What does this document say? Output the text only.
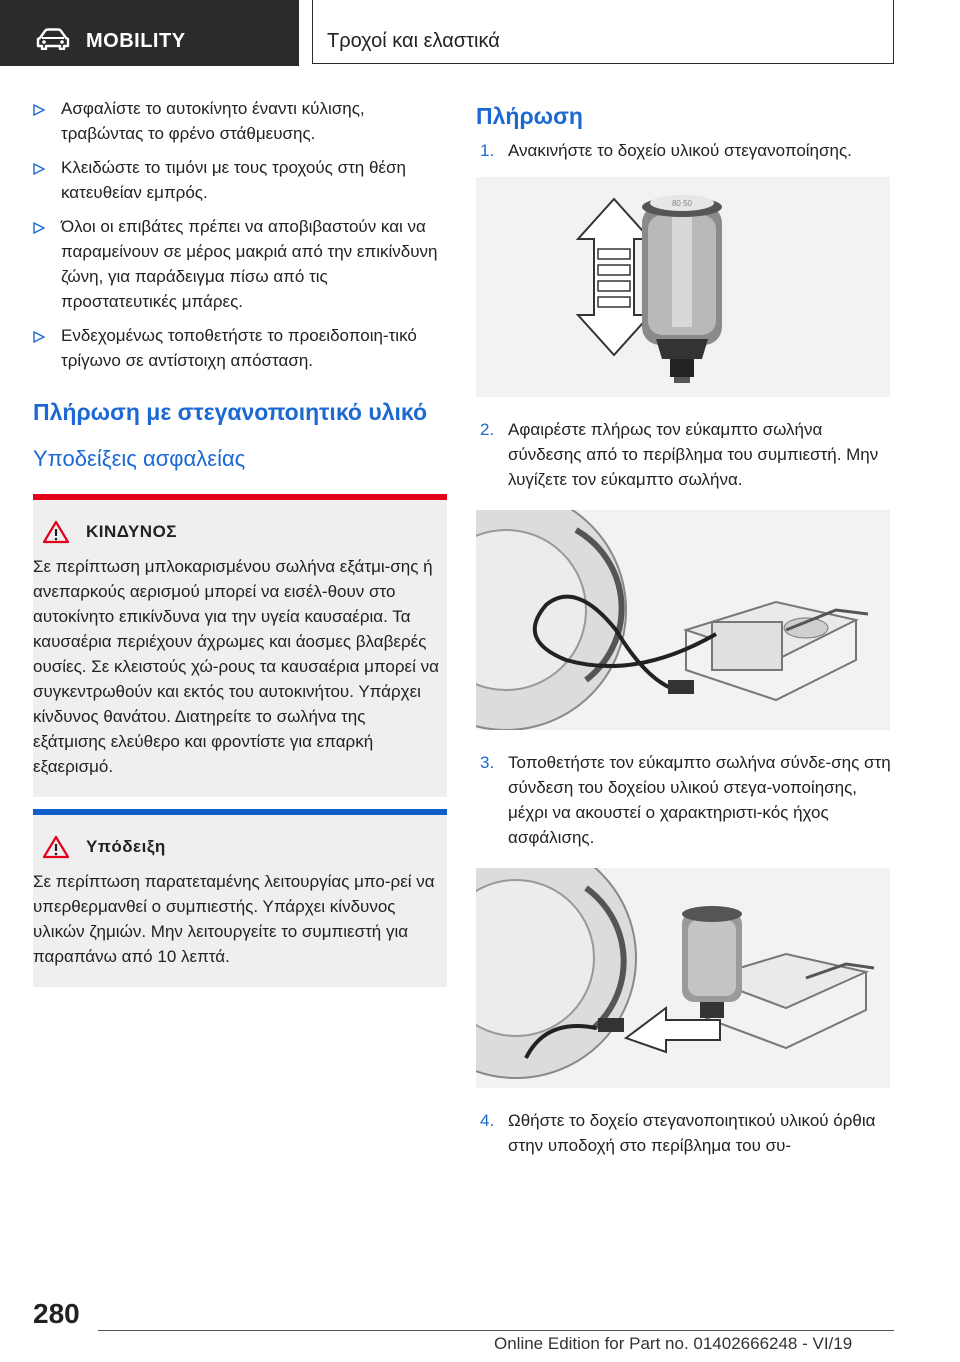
MOBILITY	Τροχοί και ελαστικά
Ασφαλίστε το αυτοκίνητο έναντι κύλισης, τραβώντας το φρένο στάθμευσης.
Κλειδώστε το τιμόνι με τους τροχούς στη θέση κατευθείαν εμπρός.
Όλοι οι επιβάτες πρέπει να αποβιβαστούν και να παραμείνουν σε μέρος μακριά από την επικίνδυνη ζώνη, για παράδειγμα πίσω από τις προστατευτικές μπάρες.
Ενδεχομένως τοποθετήστε το προειδοποιη-τικό τρίγωνο σε αντίστοιχη απόσταση.
Πλήρωση με στεγανοποιητικό υλικό
Υποδείξεις ασφαλείας
ΚΙΝΔΥΝΟΣ
Σε περίπτωση μπλοκαρισμένου σωλήνα εξάτμι-σης ή ανεπαρκούς αερισμού μπορεί να εισέλ-θουν στο αυτοκίνητο επικίνδυνα για την υγεία καυσαέρια. Τα καυσαέρια περιέχουν άχρωμες και άοσμες βλαβερές ουσίες. Σε κλειστούς χώ-ρους τα καυσαέρια μπορεί να συγκεντρωθούν και εκτός του αυτοκινήτου. Υπάρχει κίνδυνος θανάτου. Διατηρείτε το σωλήνα της εξάτμισης ελεύθερο και φροντίστε για επαρκή εξαερισμό.
Υπόδειξη
Σε περίπτωση παρατεταμένης λειτουργίας μπο-ρεί να υπερθερμανθεί ο συμπιεστής. Υπάρχει κίνδυνος υλικών ζημιών. Μην λειτουργείτε το συμπιεστή για παραπάνω από 10 λεπτά.
Πλήρωση
1. Ανακινήστε το δοχείο υλικού στεγανοποίησης.
80 50
2. Αφαιρέστε πλήρως τον εύκαμπτο σωλήνα σύνδεσης από το περίβλημα του συμπιεστή. Μην λυγίζετε τον εύκαμπτο σωλήνα.
3. Τοποθετήστε τον εύκαμπτο σωλήνα σύνδε-σης στη σύνδεση του δοχείου υλικού στεγα-νοποίησης, μέχρι να ακουστεί ο χαρακτηριστι-κός ήχος ασφάλισης.
4. Ωθήστε το δοχείο στεγανοποιητικού υλικού όρθια στην υποδοχή στο περίβλημα του συ-
280
Online Edition for Part no. 01402666248 - VI/19
